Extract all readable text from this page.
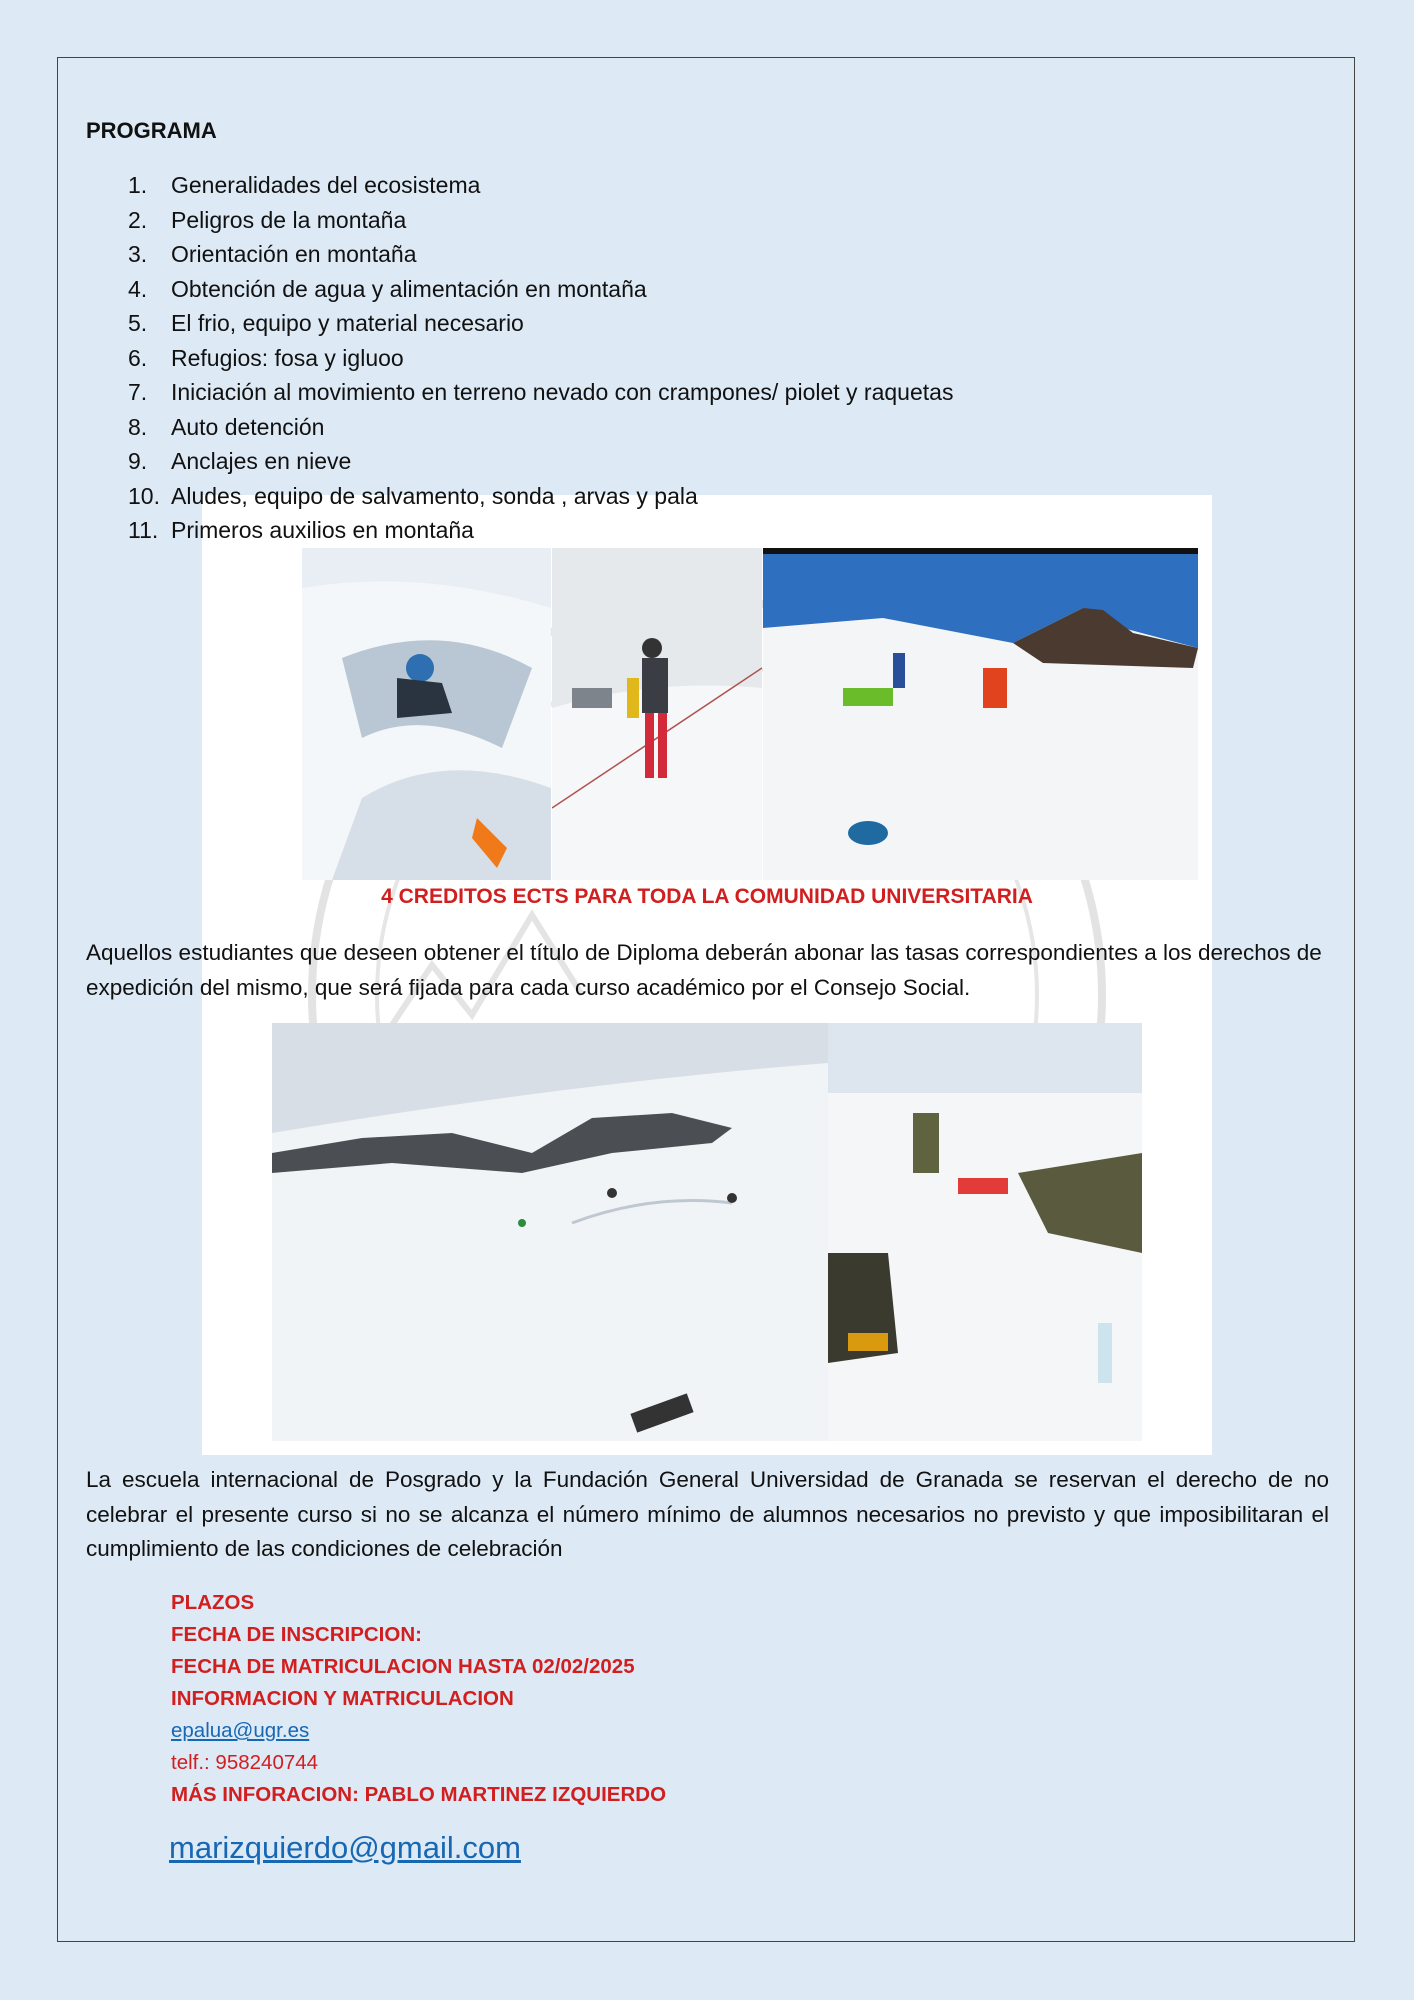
PROGRAMA
1. Generalidades del ecosistema
2. Peligros de la montaña
3. Orientación en montaña
4. Obtención de agua y alimentación en montaña
5. El frio, equipo y material necesario
6. Refugios: fosa y igluoo
7. Iniciación al movimiento en terreno nevado con crampones/ piolet y raquetas
8. Auto detención
9. Anclajes en nieve
10. Aludes, equipo de salvamento, sonda , arvas y pala
11. Primeros auxilios en montaña
4 CREDITOS ECTS PARA TODA LA COMUNIDAD UNIVERSITARIA
Aquellos estudiantes que deseen obtener el título de Diploma deberán abonar las tasas correspondientes a los derechos de expedición del mismo, que será fijada para cada curso académico por el Consejo Social.
La escuela internacional de Posgrado y la Fundación General Universidad de Granada se reservan el derecho de no celebrar el presente curso si no se alcanza el número mínimo de alumnos necesarios no previsto y que imposibilitaran el cumplimiento de las condiciones de celebración
PLAZOS
FECHA DE INSCRIPCION:
FECHA DE MATRICULACION HASTA 02/02/2025
INFORMACION Y MATRICULACION
epalua@ugr.es
telf.: 958240744
MÁS INFORACION: PABLO MARTINEZ IZQUIERDO
marizquierdo@gmail.com
